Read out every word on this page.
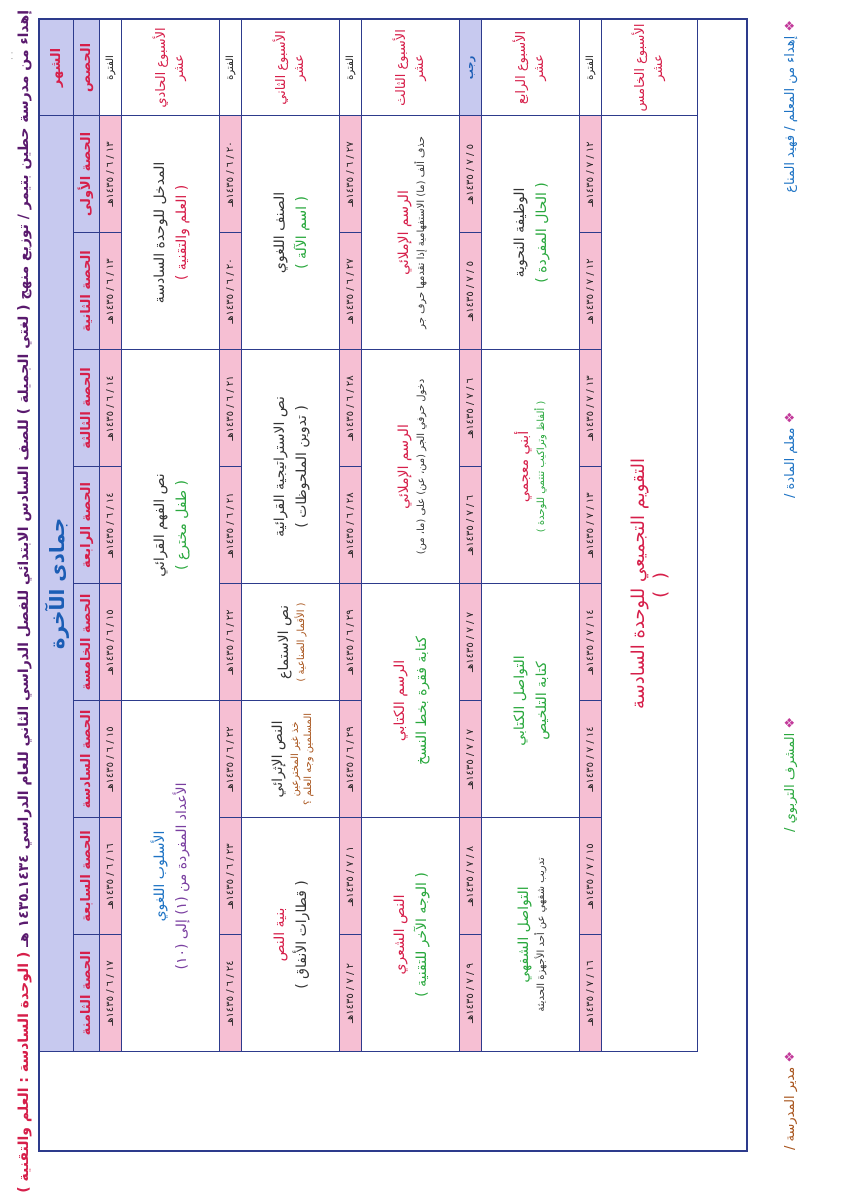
· ·
إهداء من مدرسة حطين بتيمر / توزيع منهج ( لغتي الجميلة ) للصف السادس الابتدائي للفصل الدراسي الثاني للعام الدراسي ١٤٣٤ـ١٤٣٥ هـ ( الوحدة السادسة : العلم والتقنية )
الشهر	الحصص
جمادى الآخرة
الحصة الأولى
الحصة الثانية
الحصة الثالثة
الحصة الرابعة
الحصة الخامسة
الحصة السادسة
الحصة السابعة
الحصة الثامنة
الفترة
١٣ / ٦ / ١٤٣٥هـ
١٣ / ٦ / ١٤٣٥هـ
١٤ / ٦ / ١٤٣٥هـ
١٤ / ٦ / ١٤٣٥هـ
١٥ / ٦ / ١٤٣٥هـ
١٥ / ٦ / ١٤٣٥هـ
١٦ / ٦ / ١٤٣٥هـ
١٧ / ٦ / ١٤٣٥هـ
الأسبوع الحادي عشر
المدخل للوحدة السادسة ( العلم والتقنية )
نص الفهم القرائي ( طفل مخترع )
الأسلوب اللغوي
الأعداد المفردة من (١) إلى (١٠)
الفترة
٢٠ / ٦ / ١٤٣٥هـ
٢٠ / ٦ / ١٤٣٥هـ
٢١ / ٦ / ١٤٣٥هـ
٢١ / ٦ / ١٤٣٥هـ
٢٢ / ٦ / ١٤٣٥هـ
٢٢ / ٦ / ١٤٣٥هـ
٢٣ / ٦ / ١٤٣٥هـ
٢٤ / ٦ / ١٤٣٥هـ
الأسبوع الثاني عشر
الصنف اللغوي ( اسم الآلة )
نص الاستراتيجية القرائية ( تدوين الملحوظات )
نص الاستماع ( الأقمار الصناعية )
النص الإثرائي خذ غير المخترعين المسلمين وجه العلم ؟
بنية النص ( قطارات الأنفاق )
الفترة
٢٧ / ٦ / ١٤٣٥هـ
٢٧ / ٦ / ١٤٣٥هـ
٢٨ / ٦ / ١٤٣٥هـ
٢٨ / ٦ / ١٤٣٥هـ
٢٩ / ٦ / ١٤٣٥هـ
٢٩ / ٦ / ١٤٣٥هـ
١ / ٧ / ١٤٣٥هـ
٢ / ٧ / ١٤٣٥هـ
الأسبوع الثالث عشر
الرسم الإملائي حذف ألف (ما) الاستفهامية إذا تقدمها حرف جر
الرسم الإملائي دخول حرفي الجر (من، عن) على (ما، من)
الرسم الكتابي كتابة فقرة بخط النسخ
النص الشعري ( الوجه الآخر للتقنية )
رجب
٥ / ٧ / ١٤٣٥هـ
٥ / ٧ / ١٤٣٥هـ
٦ / ٧ / ١٤٣٥هـ
٦ / ٧ / ١٤٣٥هـ
٧ / ٧ / ١٤٣٥هـ
٧ / ٧ / ١٤٣٥هـ
٨ / ٧ / ١٤٣٥هـ
٩ / ٧ / ١٤٣٥هـ
الأسبوع الرابع عشر
الوظيفة النحوية ( الحال المفردة )
أبني معجمي ( ألفاظ وتراكيب تنتمي للوحدة )
التواصل الكتابي كتابة التلخيص
التواصل الشفهي تدريب شفهي عن أحد الأجهزة الحديثة
الفترة
١٢ / ٧ / ١٤٣٥هـ
١٢ / ٧ / ١٤٣٥هـ
١٣ / ٧ / ١٤٣٥هـ
١٣ / ٧ / ١٤٣٥هـ
١٤ / ٧ / ١٤٣٥هـ
١٤ / ٧ / ١٤٣٥هـ
١٥ / ٧ / ١٤٣٥هـ
١٦ / ٧ / ١٤٣٥هـ
الأسبوع الخامس عشر
التقويم التجميعي للوحدة السادسة ( )
❖ إهداء من المعلم / فهيد المناع
❖ معلم المادة /
❖ المشرف التربوي /
❖ مدير المدرسة /
